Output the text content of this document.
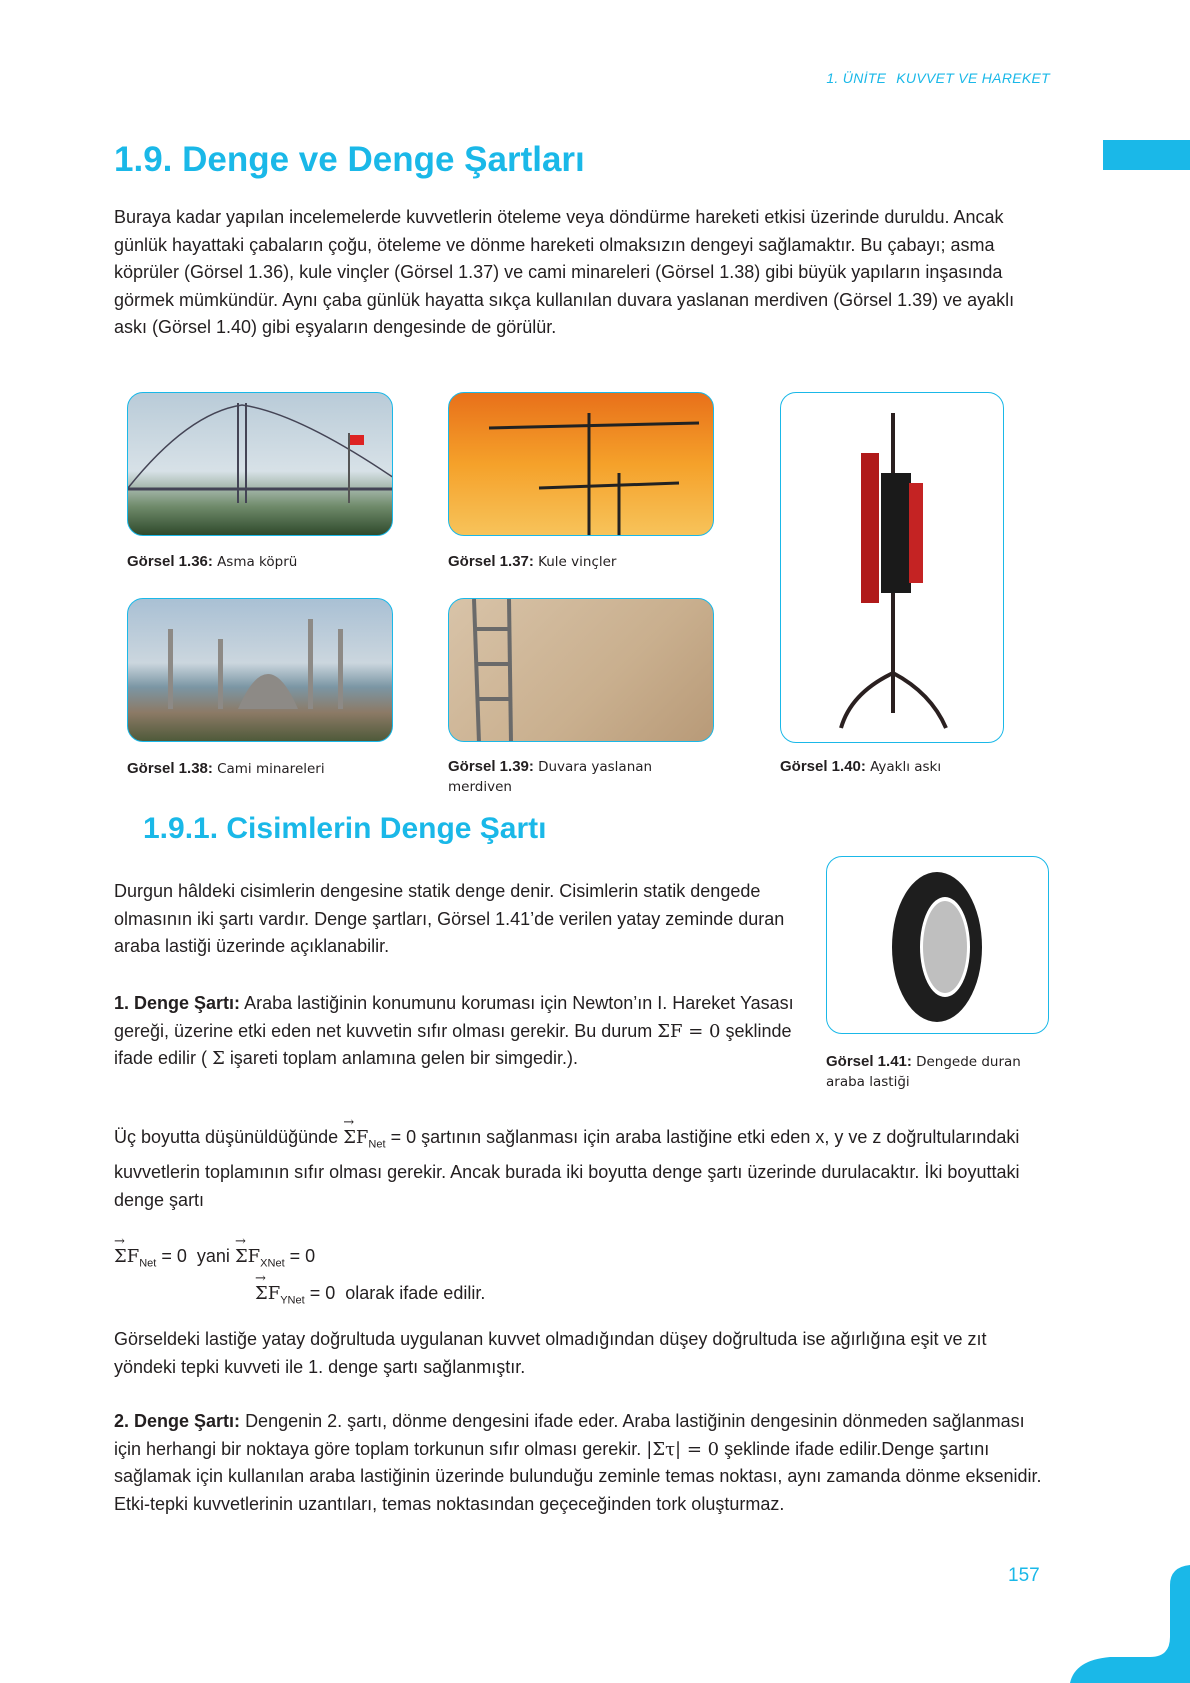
1. ÜNİTE KUVVET VE HAREKET
1.9. Denge ve Denge Şartları

Buraya kadar yapılan incelemelerde kuvvetlerin öteleme veya döndürme hareketi etkisi üzerinde duruldu. Ancak günlük hayattaki çabaların çoğu, öteleme ve dönme hareketi olmaksızın dengeyi sağlamaktır. Bu çabayı; asma köprüler (Görsel 1.36), kule vinçler (Görsel 1.37) ve cami minareleri (Görsel 1.38) gibi büyük yapıların inşasında görmek mümkündür. Aynı çaba günlük hayatta sıkça kullanılan duvara yaslanan merdiven (Görsel 1.39) ve ayaklı askı (Görsel 1.40) gibi eşyaların dengesinde de görülür.

Görsel 1.36: Asma köprü	Görsel 1.37: Kule vinçler
Görsel 1.38: Cami minareleri	Görsel 1.39: Duvara yaslanan merdiven
Görsel 1.40: Ayaklı askı
1.9.1. Cisimlerin Denge Şartı
Görsel 1.41: Dengede duran araba lastiği

Durgun hâldeki cisimlerin dengesine statik denge denir. Cisimlerin statik dengede olmasının iki şartı vardır. Denge şartları, Görsel 1.41’de verilen yatay zeminde duran araba lastiği üzerinde açıklanabilir.

1. Denge Şartı: Araba lastiğinin konumunu koruması için Newton’ın I. Hareket Yasası gereği, üzerine etki eden net kuvvetin sıfır olması gerekir. Bu durum ΣF = 0 şeklinde ifade edilir ( Σ işareti toplam anlamına gelen bir simgedir.).

Üç boyutta düşünüldüğünde → $\Sigma F_{Net} = 0$ şartının sağlanması için araba lastiğine etki eden x, y ve z doğrultularındaki kuvvetlerin toplamının sıfır olması gerekir. Ancak burada iki boyutta denge şartı üzerinde durulacaktır. İki boyuttaki denge şartı

→ $\Sigma F_{Net} = 0$ yani → $\Sigma F_{XNet} = 0$
→ $\Sigma F_{YNet} = 0$ olarak ifade edilir.

Görseldeki lastiğe yatay doğrultuda uygulanan kuvvet olmadığından düşey doğrultuda ise ağırlığına eşit ve zıt yöndeki tepki kuvveti ile 1. denge şartı sağlanmıştır.

2. Denge Şartı: Dengenin 2. şartı, dönme dengesini ifade eder. Araba lastiğinin dengesinin dönmeden sağlanması için herhangi bir noktaya göre toplam torkunun sıfır olması gerekir. |Στ| = 0 şeklinde ifade edilir.Denge şartını sağlamak için kullanılan araba lastiğinin üzerinde bulunduğu zeminle temas noktası, aynı zamanda dönme eksenidir. Etki-tepki kuvvetlerinin uzantıları, temas noktasından geçeceğinden tork oluşturmaz.

157
